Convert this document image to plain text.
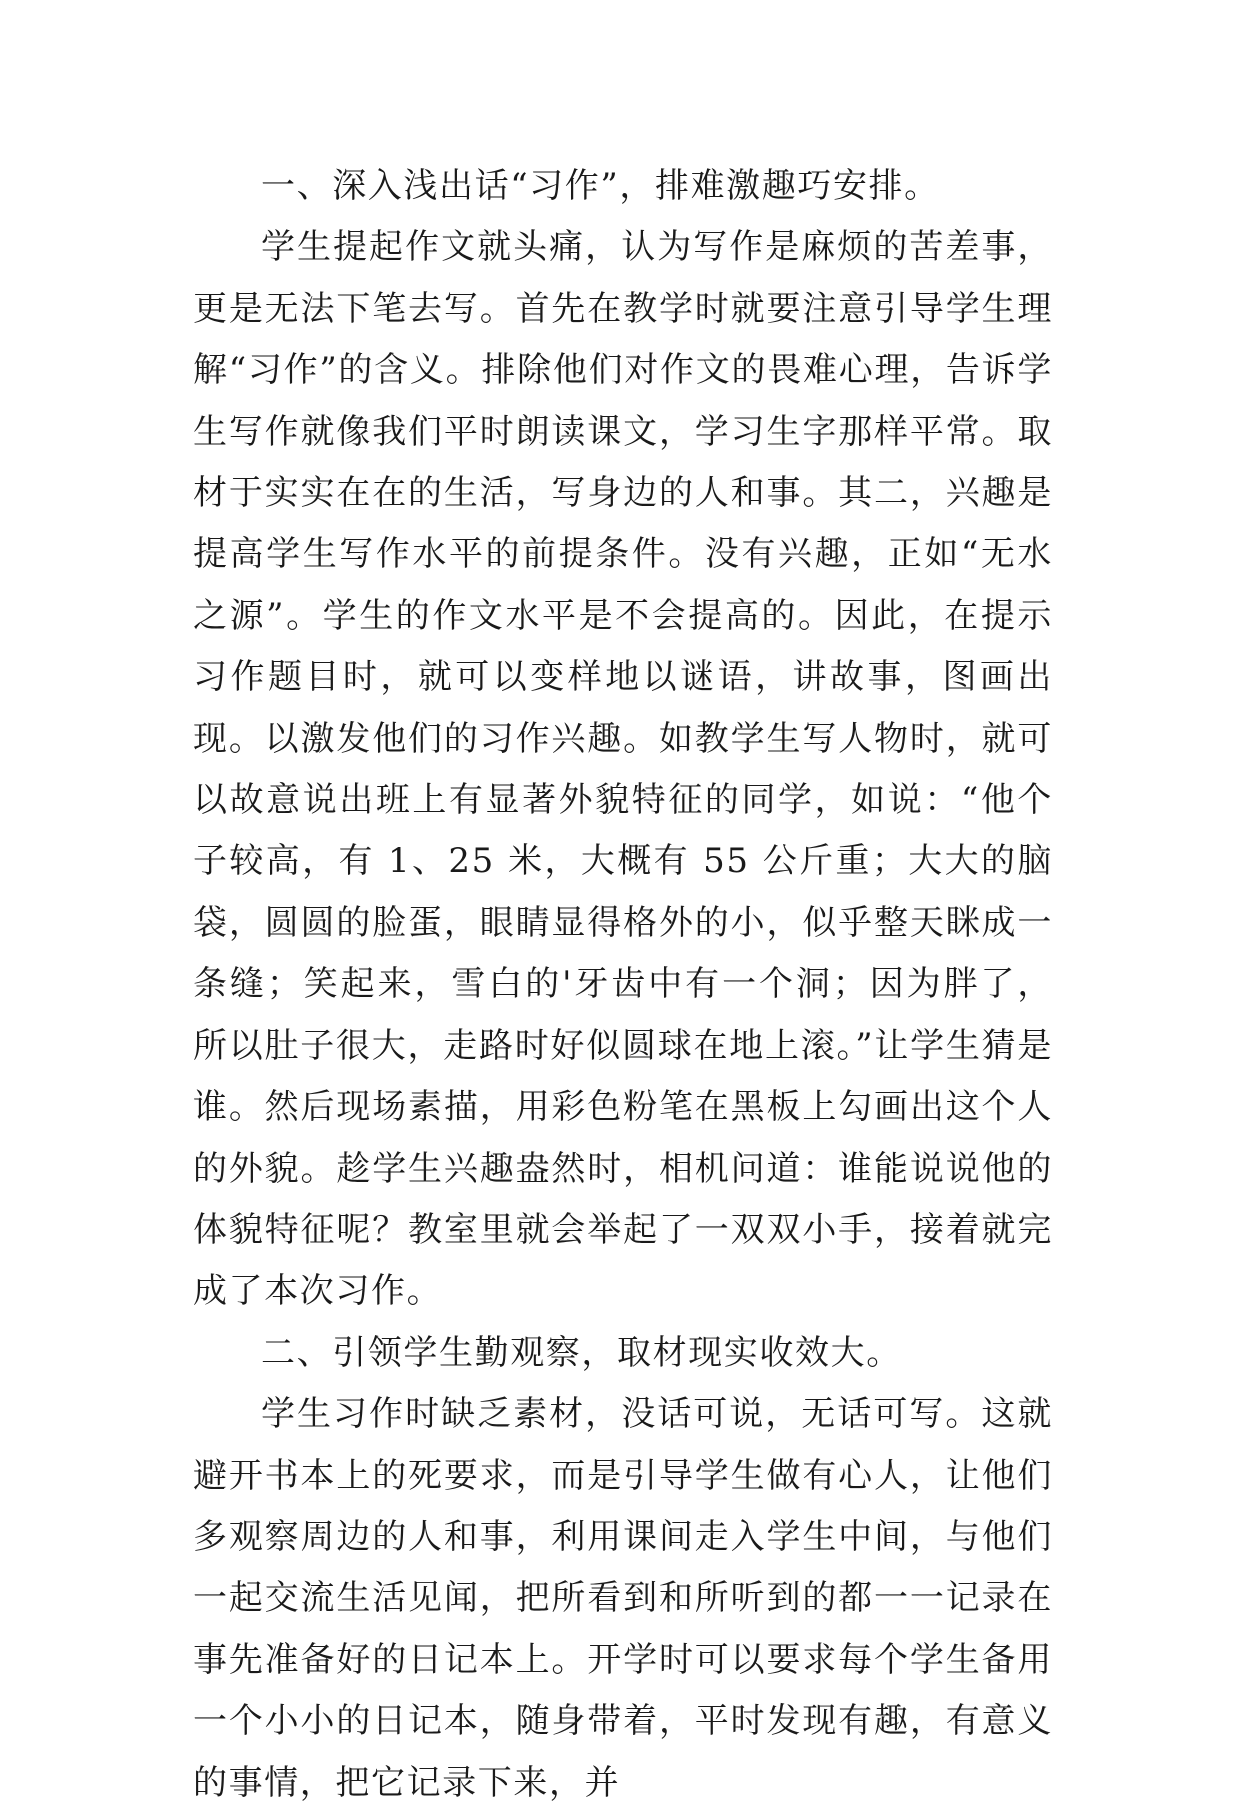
一、深入浅出话“习作”，排难激趣巧安排。

学生提起作文就头痛，认为写作是麻烦的苦差事，更是无法下笔去写。首先在教学时就要注意引导学生理解“习作”的含义。排除他们对作文的畏难心理，告诉学生写作就像我们平时朗读课文，学习生字那样平常。取材于实实在在的生活，写身边的人和事。其二，兴趣是提高学生写作水平的前提条件。没有兴趣，正如“无水之源”。学生的作文水平是不会提高的。因此，在提示习作题目时，就可以变样地以谜语，讲故事，图画出现。以激发他们的习作兴趣。如教学生写人物时，就可以故意说出班上有显著外貌特征的同学，如说：“他个子较高，有 1、25 米，大概有 55 公斤重；大大的脑袋，圆圆的脸蛋，眼睛显得格外的小，似乎整天眯成一条缝；笑起来，雪白的'牙齿中有一个洞；因为胖了，所以肚子很大，走路时好似圆球在地上滚。”让学生猜是谁。然后现场素描，用彩色粉笔在黑板上勾画出这个人的外貌。趁学生兴趣盎然时，相机问道：谁能说说他的体貌特征呢？教室里就会举起了一双双小手，接着就完成了本次习作。

二、引领学生勤观察，取材现实收效大。

学生习作时缺乏素材，没话可说，无话可写。这就避开书本上的死要求，而是引导学生做有心人，让他们多观察周边的人和事，利用课间走入学生中间，与他们一起交流生活见闻，把所看到和所听到的都一一记录在事先准备好的日记本上。开学时可以要求每个学生备用一个小小的日记本，随身带着，平时发现有趣，有意义的事情，把它记录下来，并
